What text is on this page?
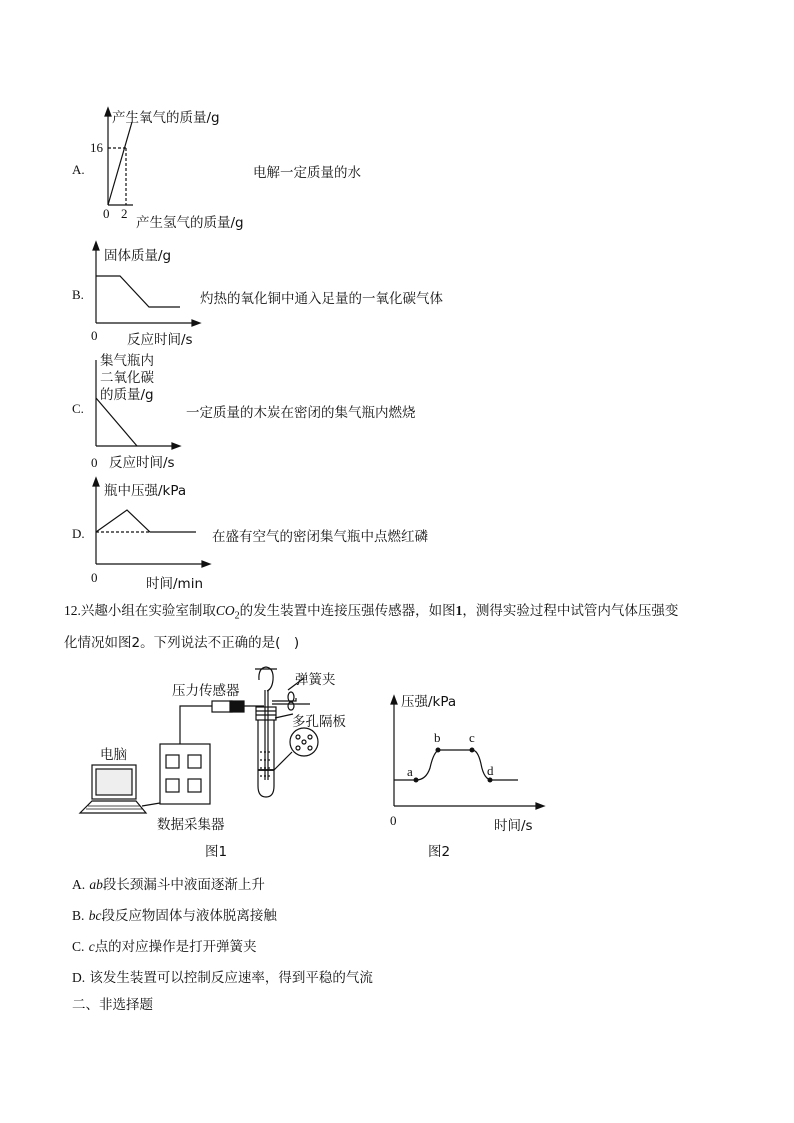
A.
产生氧气的质量/g
16
0 2
产生氢气的质量/g
电解一定质量的水
B.
固体质量/g
0 反应时间/s
灼热的氧化铜中通入足量的一氧化碳气体
C.
集气瓶内
二氧化碳
的质量/g
0 反应时间/s
一定质量的木炭在密闭的集气瓶内燃烧
D.
瓶中压强/kPa
0	时间/min
在盛有空气的密闭集气瓶中点燃红磷
12.兴趣小组在实验室制取$CO_2$的发生装置中连接压强传感器，如图1，测得实验过程中试管内气体压强变
化情况如图2。下列说法不正确的是(　)
压力传感器
弹簧夹
多孔隔板
电脑
数据采集器
图1
压强/kPa
0	时间/s
a
b c
d
图2
A. ab段长颈漏斗中液面逐渐上升
B. bc段反应物固体与液体脱离接触
C. c点的对应操作是打开弹簧夹
D. 该发生装置可以控制反应速率，得到平稳的气流
二、非选择题
